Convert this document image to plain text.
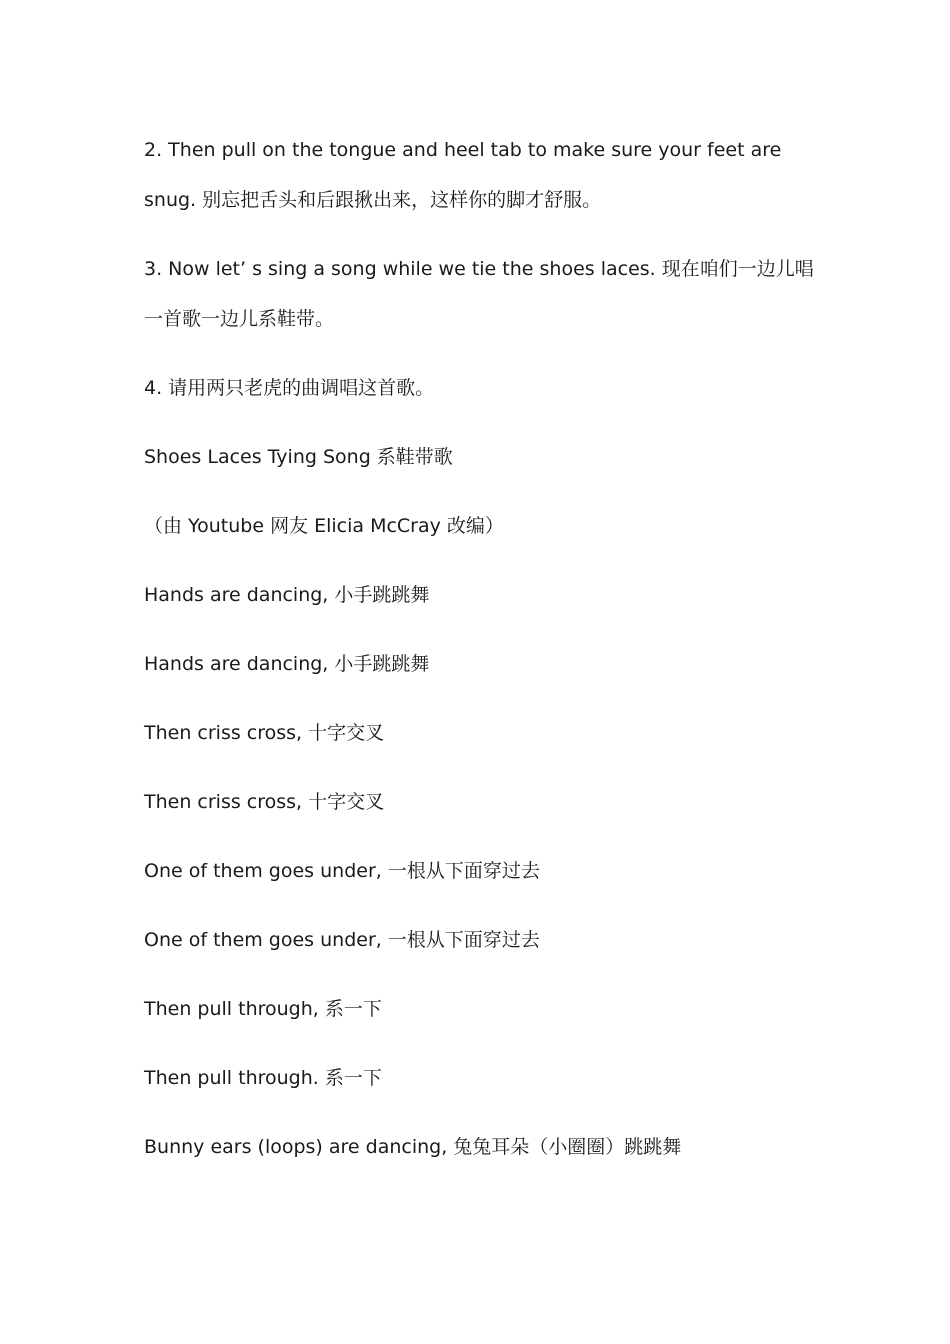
2. Then pull on the tongue and heel tab to make sure your feet are
snug. 别忘把舌头和后跟揪出来，这样你的脚才舒服。
3. Now let’ s sing a song while we tie the shoes laces. 现在咱们一边儿唱
一首歌一边儿系鞋带。
4. 请用两只老虎的曲调唱这首歌。
Shoes Laces Tying Song 系鞋带歌
（由 Youtube 网友 Elicia McCray 改编）
Hands are dancing, 小手跳跳舞
Hands are dancing, 小手跳跳舞
Then criss cross, 十字交叉
Then criss cross, 十字交叉
One of them goes under, 一根从下面穿过去
One of them goes under, 一根从下面穿过去
Then pull through, 系一下
Then pull through. 系一下
Bunny ears (loops) are dancing, 兔兔耳朵（小圈圈）跳跳舞
